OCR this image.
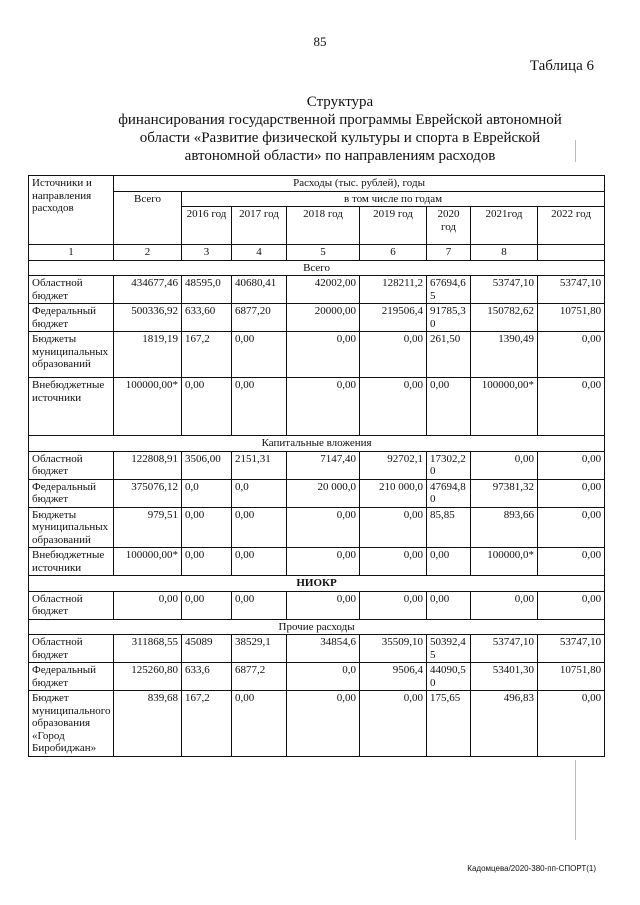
85
Таблица 6
Структура
финансирования государственной программы Еврейской автономной
области «Развитие физической культуры и спорта в Еврейской
автономной области» по направлениям расходов
Источники и направления расходов	Расходы (тыс. рублей), годы							
	Всего	в том числе по годам						
		2016 год	2017 год	2018 год	2019 год	2020 год	2021год	2022 год
1	2	3	4	5	6	7	8	
Всего								
Областной бюджет	434677,46	48595,0	40680,41	42002,00	128211,2	67694,65	53747,10	53747,10
Федеральный бюджет	500336,92	633,60	6877,20	20000,00	219506,4	91785,30	150782,62	10751,80
Бюджеты муниципальных образований	1819,19	167,2	0,00	0,00	0,00	261,50	1390,49	0,00
Внебюджетные источники	100000,00*	0,00	0,00	0,00	0,00	0,00	100000,00*	0,00
Капитальные вложения								
Областной бюджет	122808,91	3506,00	2151,31	7147,40	92702,1	17302,20	0,00	0,00
Федеральный бюджет	375076,12	0,0	0,0	20 000,0	210 000,0	47694,80	97381,32	0,00
Бюджеты муниципальных образований	979,51	0,00	0,00	0,00	0,00	85,85	893,66	0,00
Внебюджетные источники	100000,00*	0,00	0,00	0,00	0,00	0,00	100000,0*	0,00
НИОКР								
Областной бюджет	0,00	0,00	0,00	0,00	0,00	0,00	0,00	0,00
Прочие расходы								
Областной бюджет	311868,55	45089	38529,1	34854,6	35509,10	50392,45	53747,10	53747,10
Федеральный бюджет	125260,80	633,6	6877,2	0,0	9506,4	44090,50	53401,30	10751,80
Бюджет муниципального образования «Город Биробиджан»	839,68	167,2	0,00	0,00	0,00	175,65	496,83	0,00
Кадомцева/2020-380-пп-СПОРТ(1)
